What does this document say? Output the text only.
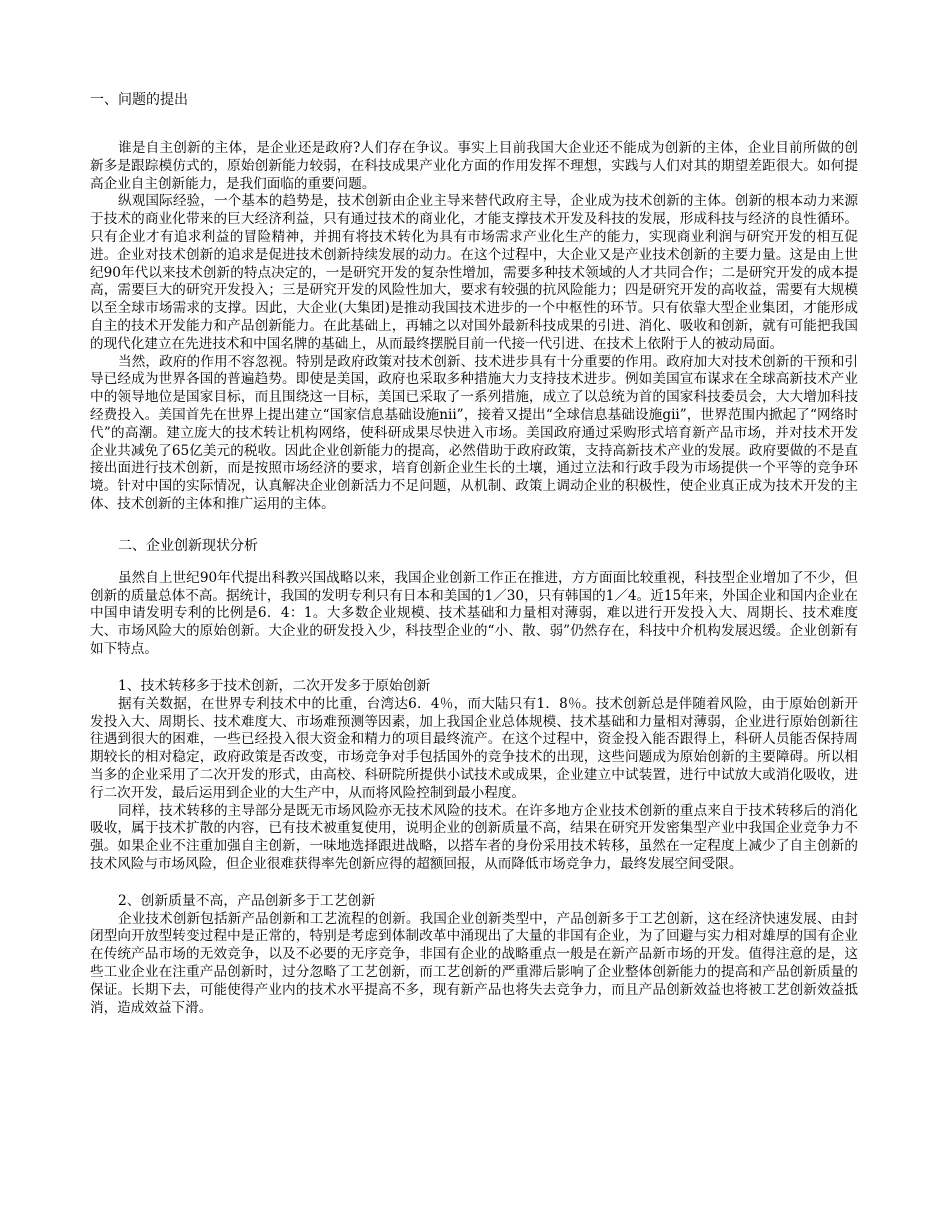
一、问题的提出

谁是自主创新的主体，是企业还是政府?人们存在争议。事实上目前我国大企业还不能成为创新的主体，企业目前所做的创新多是跟踪模仿式的，原始创新能力较弱，在科技成果产业化方面的作用发挥不理想，实践与人们对其的期望差距很大。如何提高企业自主创新能力，是我们面临的重要问题。

纵观国际经验，一个基本的趋势是，技术创新由企业主导来替代政府主导，企业成为技术创新的主体。创新的根本动力来源于技术的商业化带来的巨大经济利益，只有通过技术的商业化，才能支撑技术开发及科技的发展，形成科技与经济的良性循环。只有企业才有追求利益的冒险精神，并拥有将技术转化为具有市场需求产业化生产的能力，实现商业利润与研究开发的相互促进。企业对技术创新的追求是促进技术创新持续发展的动力。在这个过程中，大企业又是产业技术创新的主要力量。这是由上世纪90年代以来技术创新的特点决定的，一是研究开发的复杂性增加，需要多种技术领域的人才共同合作；二是研究开发的成本提高，需要巨大的研究开发投入；三是研究开发的风险性加大，要求有较强的抗风险能力；四是研究开发的高收益，需要有大规模以至全球市场需求的支撑。因此，大企业(大集团)是推动我国技术进步的一个中枢性的环节。只有依靠大型企业集团，才能形成自主的技术开发能力和产品创新能力。在此基础上，再辅之以对国外最新科技成果的引进、消化、吸收和创新，就有可能把我国的现代化建立在先进技术和中国名牌的基础上，从而最终摆脱目前一代接一代引进、在技术上依附于人的被动局面。

当然，政府的作用不容忽视。特别是政府政策对技术创新、技术进步具有十分重要的作用。政府加大对技术创新的干预和引导已经成为世界各国的普遍趋势。即使是美国，政府也采取多种措施大力支持技术进步。例如美国宣布谋求在全球高新技术产业中的领导地位是国家目标，而且围绕这一目标，美国已采取了一系列措施，成立了以总统为首的国家科技委员会，大大增加科技经费投入。美国首先在世界上提出建立“国家信息基础设施nii”，接着又提出“全球信息基础设施gii”，世界范围内掀起了“网络时代”的高潮。建立庞大的技术转让机构网络，使科研成果尽快进入市场。美国政府通过采购形式培育新产品市场，并对技术开发企业共减免了65亿美元的税收。因此企业创新能力的提高，必然借助于政府政策，支持高新技术产业的发展。政府要做的不是直接出面进行技术创新，而是按照市场经济的要求，培育创新企业生长的土壤，通过立法和行政手段为市场提供一个平等的竞争环境。针对中国的实际情况，认真解决企业创新活力不足问题，从机制、政策上调动企业的积极性，使企业真正成为技术开发的主体、技术创新的主体和推广运用的主体。

二、企业创新现状分析

虽然自上世纪90年代提出科教兴国战略以来，我国企业创新工作正在推进，方方面面比较重视，科技型企业增加了不少，但创新的质量总体不高。据统计，我国的发明专利只有日本和美国的1／30，只有韩国的1／4。近15年来，外国企业和国内企业在中国申请发明专利的比例是6．4：1。大多数企业规模、技术基础和力量相对薄弱，难以进行开发投入大、周期长、技术难度大、市场风险大的原始创新。大企业的研发投入少，科技型企业的“小、散、弱”仍然存在，科技中介机构发展迟缓。企业创新有如下特点。

1、技术转移多于技术创新，二次开发多于原始创新

据有关数据，在世界专利技术中的比重，台湾达6．4％，而大陆只有1．8％。技术创新总是伴随着风险，由于原始创新开发投入大、周期长、技术难度大、市场难预测等因素，加上我国企业总体规模、技术基础和力量相对薄弱，企业进行原始创新往往遇到很大的困难，一些已经投入很大资金和精力的项目最终流产。在这个过程中，资金投入能否跟得上，科研人员能否保持周期较长的相对稳定，政府政策是否改变，市场竞争对手包括国外的竞争技术的出现，这些问题成为原始创新的主要障碍。所以相当多的企业采用了二次开发的形式，由高校、科研院所提供小试技术或成果，企业建立中试装置，进行中试放大或消化吸收，进行二次开发，最后运用到企业的大生产中，从而将风险控制到最小程度。

同样，技术转移的主导部分是既无市场风险亦无技术风险的技术。在许多地方企业技术创新的重点来自于技术转移后的消化吸收，属于技术扩散的内容，已有技术被重复使用，说明企业的创新质量不高，结果在研究开发密集型产业中我国企业竞争力不强。如果企业不注重加强自主创新，一味地选择跟进战略，以搭车者的身份采用技术转移，虽然在一定程度上减少了自主创新的技术风险与市场风险，但企业很难获得率先创新应得的超额回报，从而降低市场竞争力，最终发展空间受限。

2、创新质量不高，产品创新多于工艺创新

企业技术创新包括新产品创新和工艺流程的创新。我国企业创新类型中，产品创新多于工艺创新，这在经济快速发展、由封闭型向开放型转变过程中是正常的，特别是考虑到体制改革中涌现出了大量的非国有企业，为了回避与实力相对雄厚的国有企业在传统产品市场的无效竞争，以及不必要的无序竞争，非国有企业的战略重点一般是在新产品新市场的开发。值得注意的是，这些工业企业在注重产品创新时，过分忽略了工艺创新，而工艺创新的严重滞后影响了企业整体创新能力的提高和产品创新质量的保证。长期下去，可能使得产业内的技术水平提高不多，现有新产品也将失去竞争力，而且产品创新效益也将被工艺创新效益抵消，造成效益下滑。
